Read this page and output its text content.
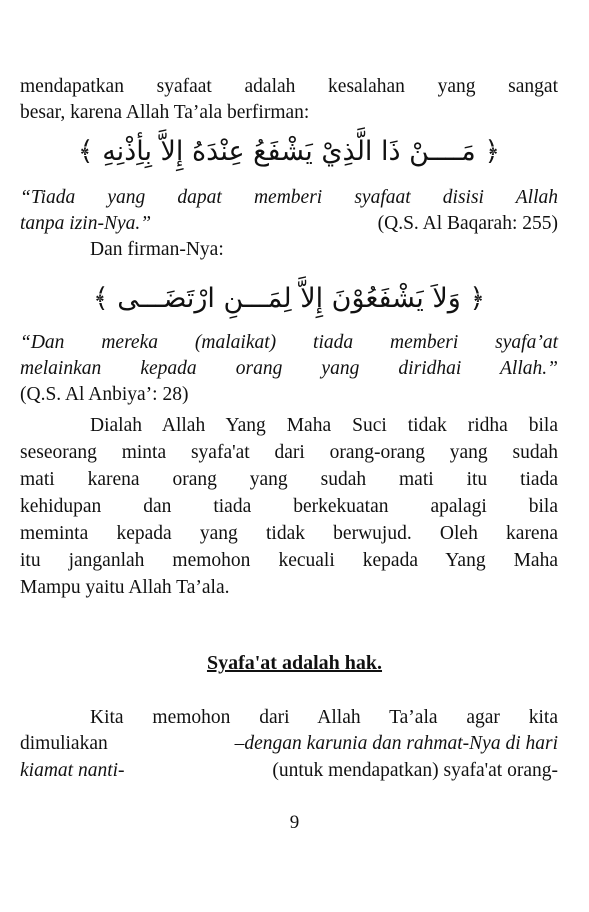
mendapatkan syafaat adalah kesalahan yang sangat
besar, karena Allah Ta’ala berfirman:
﴿ مَــــنْ ذَا الَّذِيْ يَشْفَعُ عِنْدَهُ إِلاَّ بِأِذْنِهِ ﴾
“Tiada yang dapat memberi syafaat disisi Allah
tanpa izin-Nya.”	(Q.S. Al Baqarah: 255)
Dan firman-Nya:
﴿ وَلاَ يَشْفَعُوْنَ إِلاَّ لِمَـــنِ ارْتَضَـــى ﴾
“Dan mereka (malaikat) tiada memberi syafa’at
melainkan kepada orang yang diridhai Allah.”
(Q.S. Al Anbiya’: 28)
Dialah Allah Yang Maha Suci tidak ridha bila
seseorang minta syafa'at dari orang-orang yang sudah
mati karena orang yang sudah mati itu tiada
kehidupan dan tiada berkekuatan apalagi bila
meminta kepada yang tidak berwujud. Oleh karena
itu janganlah memohon kecuali kepada Yang Maha
Mampu yaitu Allah Ta’ala.
Syafa'at adalah hak.
Kita memohon dari Allah Ta’ala agar kita
dimuliakan	–dengan karunia dan rahmat-Nya di hari
kiamat nanti-	(untuk mendapatkan) syafa'at orang-
9
